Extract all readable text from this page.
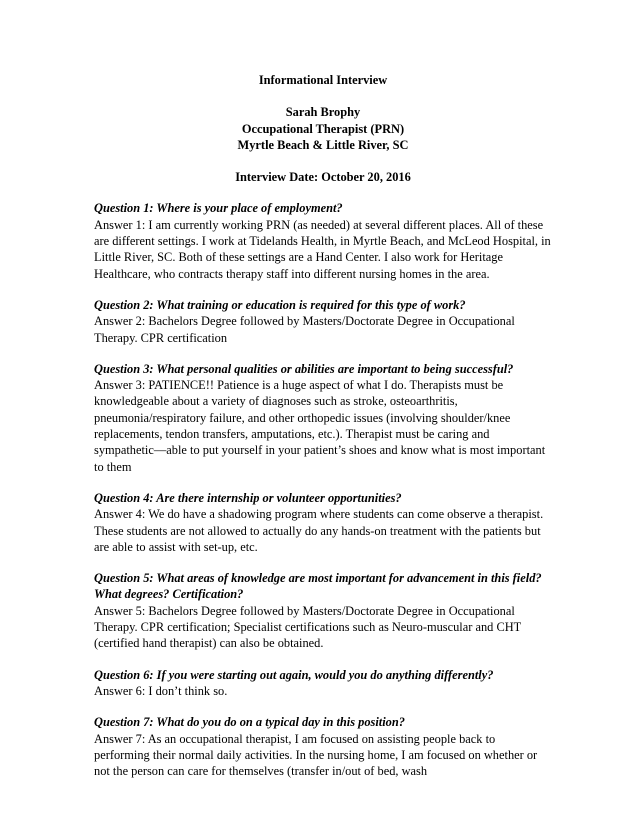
Informational Interview
Sarah Brophy
Occupational Therapist (PRN)
Myrtle Beach & Little River, SC
Interview Date: October 20, 2016

Question 1: Where is your place of employment?

Answer 1: I am currently working PRN (as needed) at several different places. All of these are different settings. I work at Tidelands Health, in Myrtle Beach, and McLeod Hospital, in Little River, SC. Both of these settings are a Hand Center. I also work for Heritage Healthcare, who contracts therapy staff into different nursing homes in the area.

Question 2: What training or education is required for this type of work?

Answer 2: Bachelors Degree followed by Masters/Doctorate Degree in Occupational Therapy. CPR certification

Question 3: What personal qualities or abilities are important to being successful?

Answer 3: PATIENCE!! Patience is a huge aspect of what I do. Therapists must be knowledgeable about a variety of diagnoses such as stroke, osteoarthritis, pneumonia/respiratory failure, and other orthopedic issues (involving shoulder/knee replacements, tendon transfers, amputations, etc.). Therapist must be caring and sympathetic—able to put yourself in your patient’s shoes and know what is most important to them

Question 4: Are there internship or volunteer opportunities?

Answer 4: We do have a shadowing program where students can come observe a therapist. These students are not allowed to actually do any hands-on treatment with the patients but are able to assist with set-up, etc.

Question 5: What areas of knowledge are most important for advancement in this field? What degrees? Certification?

Answer 5: Bachelors Degree followed by Masters/Doctorate Degree in Occupational Therapy. CPR certification; Specialist certifications such as Neuro-muscular and CHT (certified hand therapist) can also be obtained.

Question 6: If you were starting out again, would you do anything differently?

Answer 6: I don’t think so.

Question 7: What do you do on a typical day in this position?

Answer 7: As an occupational therapist, I am focused on assisting people back to performing their normal daily activities. In the nursing home, I am focused on whether or not the person can care for themselves (transfer in/out of bed, wash
